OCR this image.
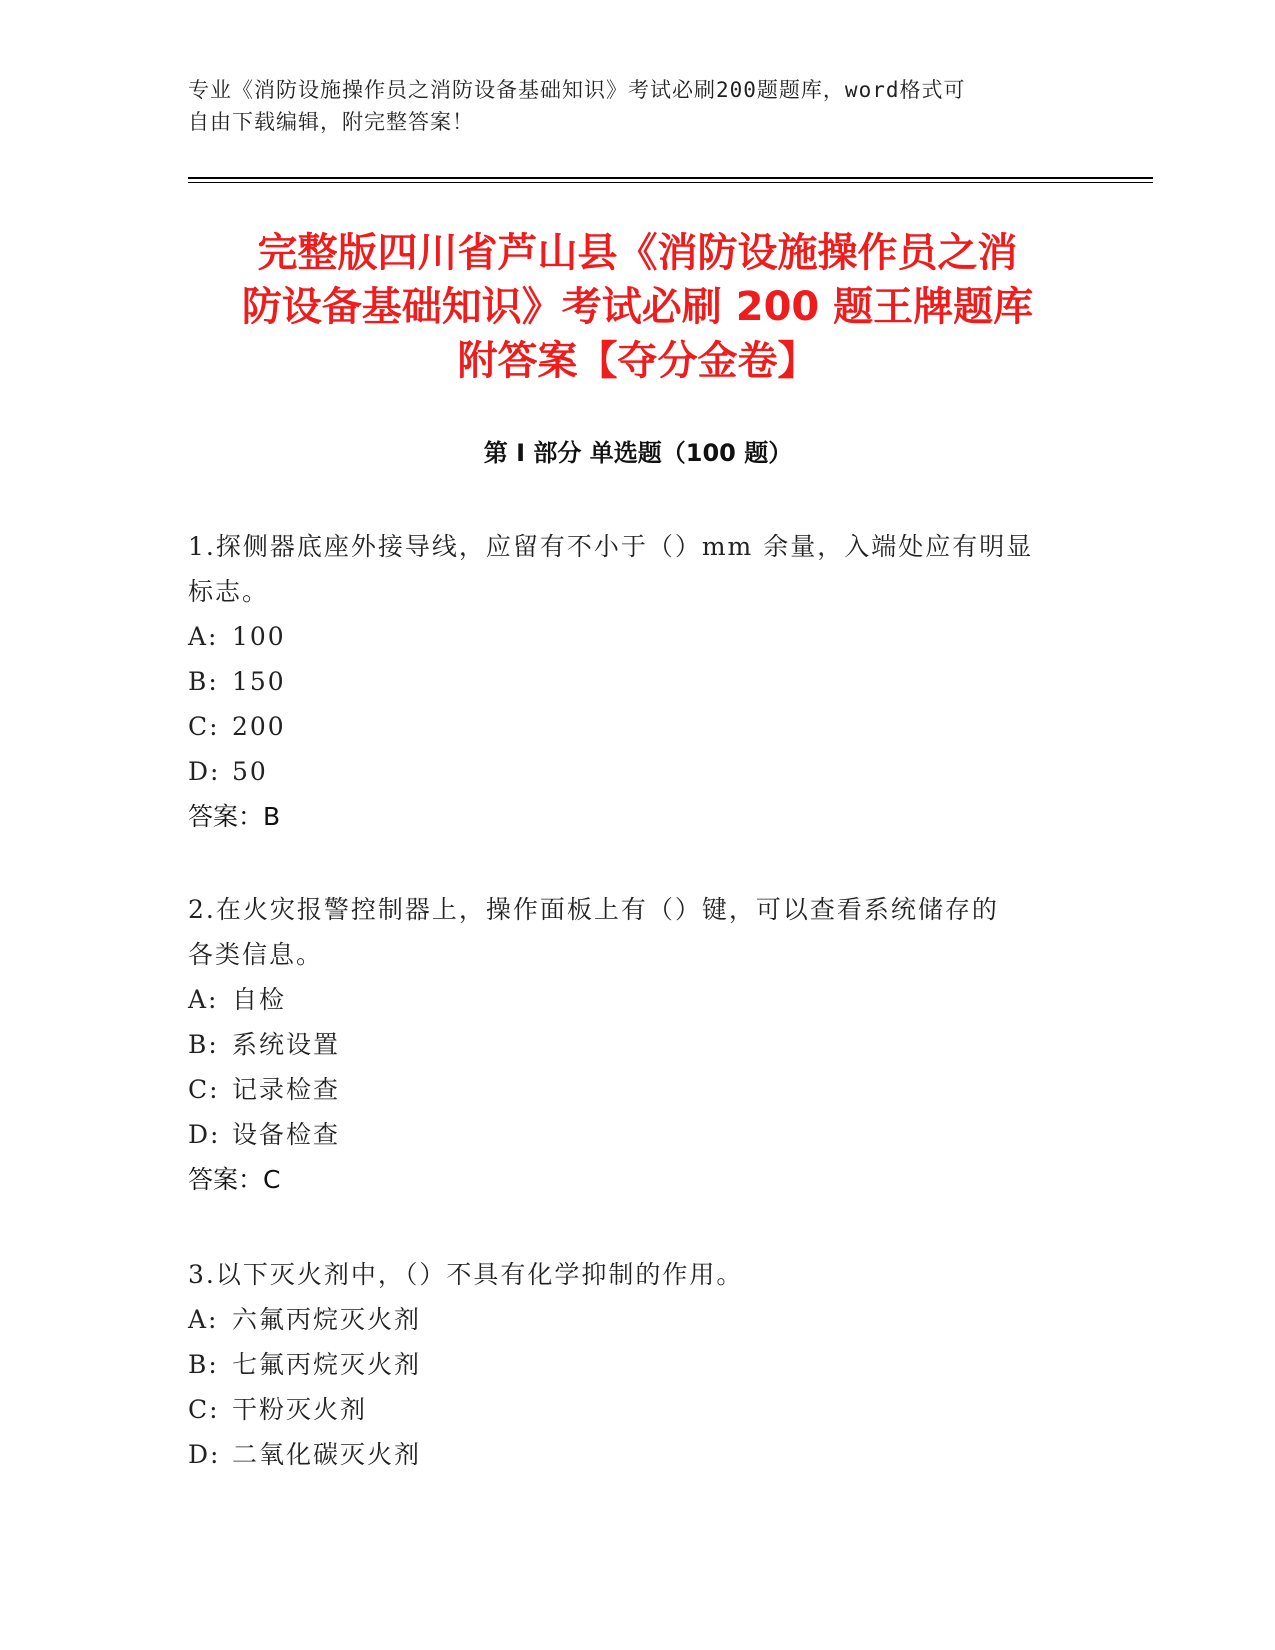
专业《消防设施操作员之消防设备基础知识》考试必刷200题题库，word格式可
自由下载编辑，附完整答案！
完整版四川省芦山县《消防设施操作员之消
防设备基础知识》考试必刷 200 题王牌题库
附答案【夺分金卷】
第 I 部分 单选题（100 题）
1.探侧器底座外接导线，应留有不小于（）mm 余量，入端处应有明显
标志。
A: 100
B: 150
C: 200
D: 50
答案：B
2.在火灾报警控制器上，操作面板上有（）键，可以查看系统储存的
各类信息。
A: 自检
B: 系统设置
C: 记录检查
D: 设备检查
答案：C
3.以下灭火剂中，（）不具有化学抑制的作用。
A: 六氟丙烷灭火剂
B: 七氟丙烷灭火剂
C: 干粉灭火剂
D: 二氧化碳灭火剂
